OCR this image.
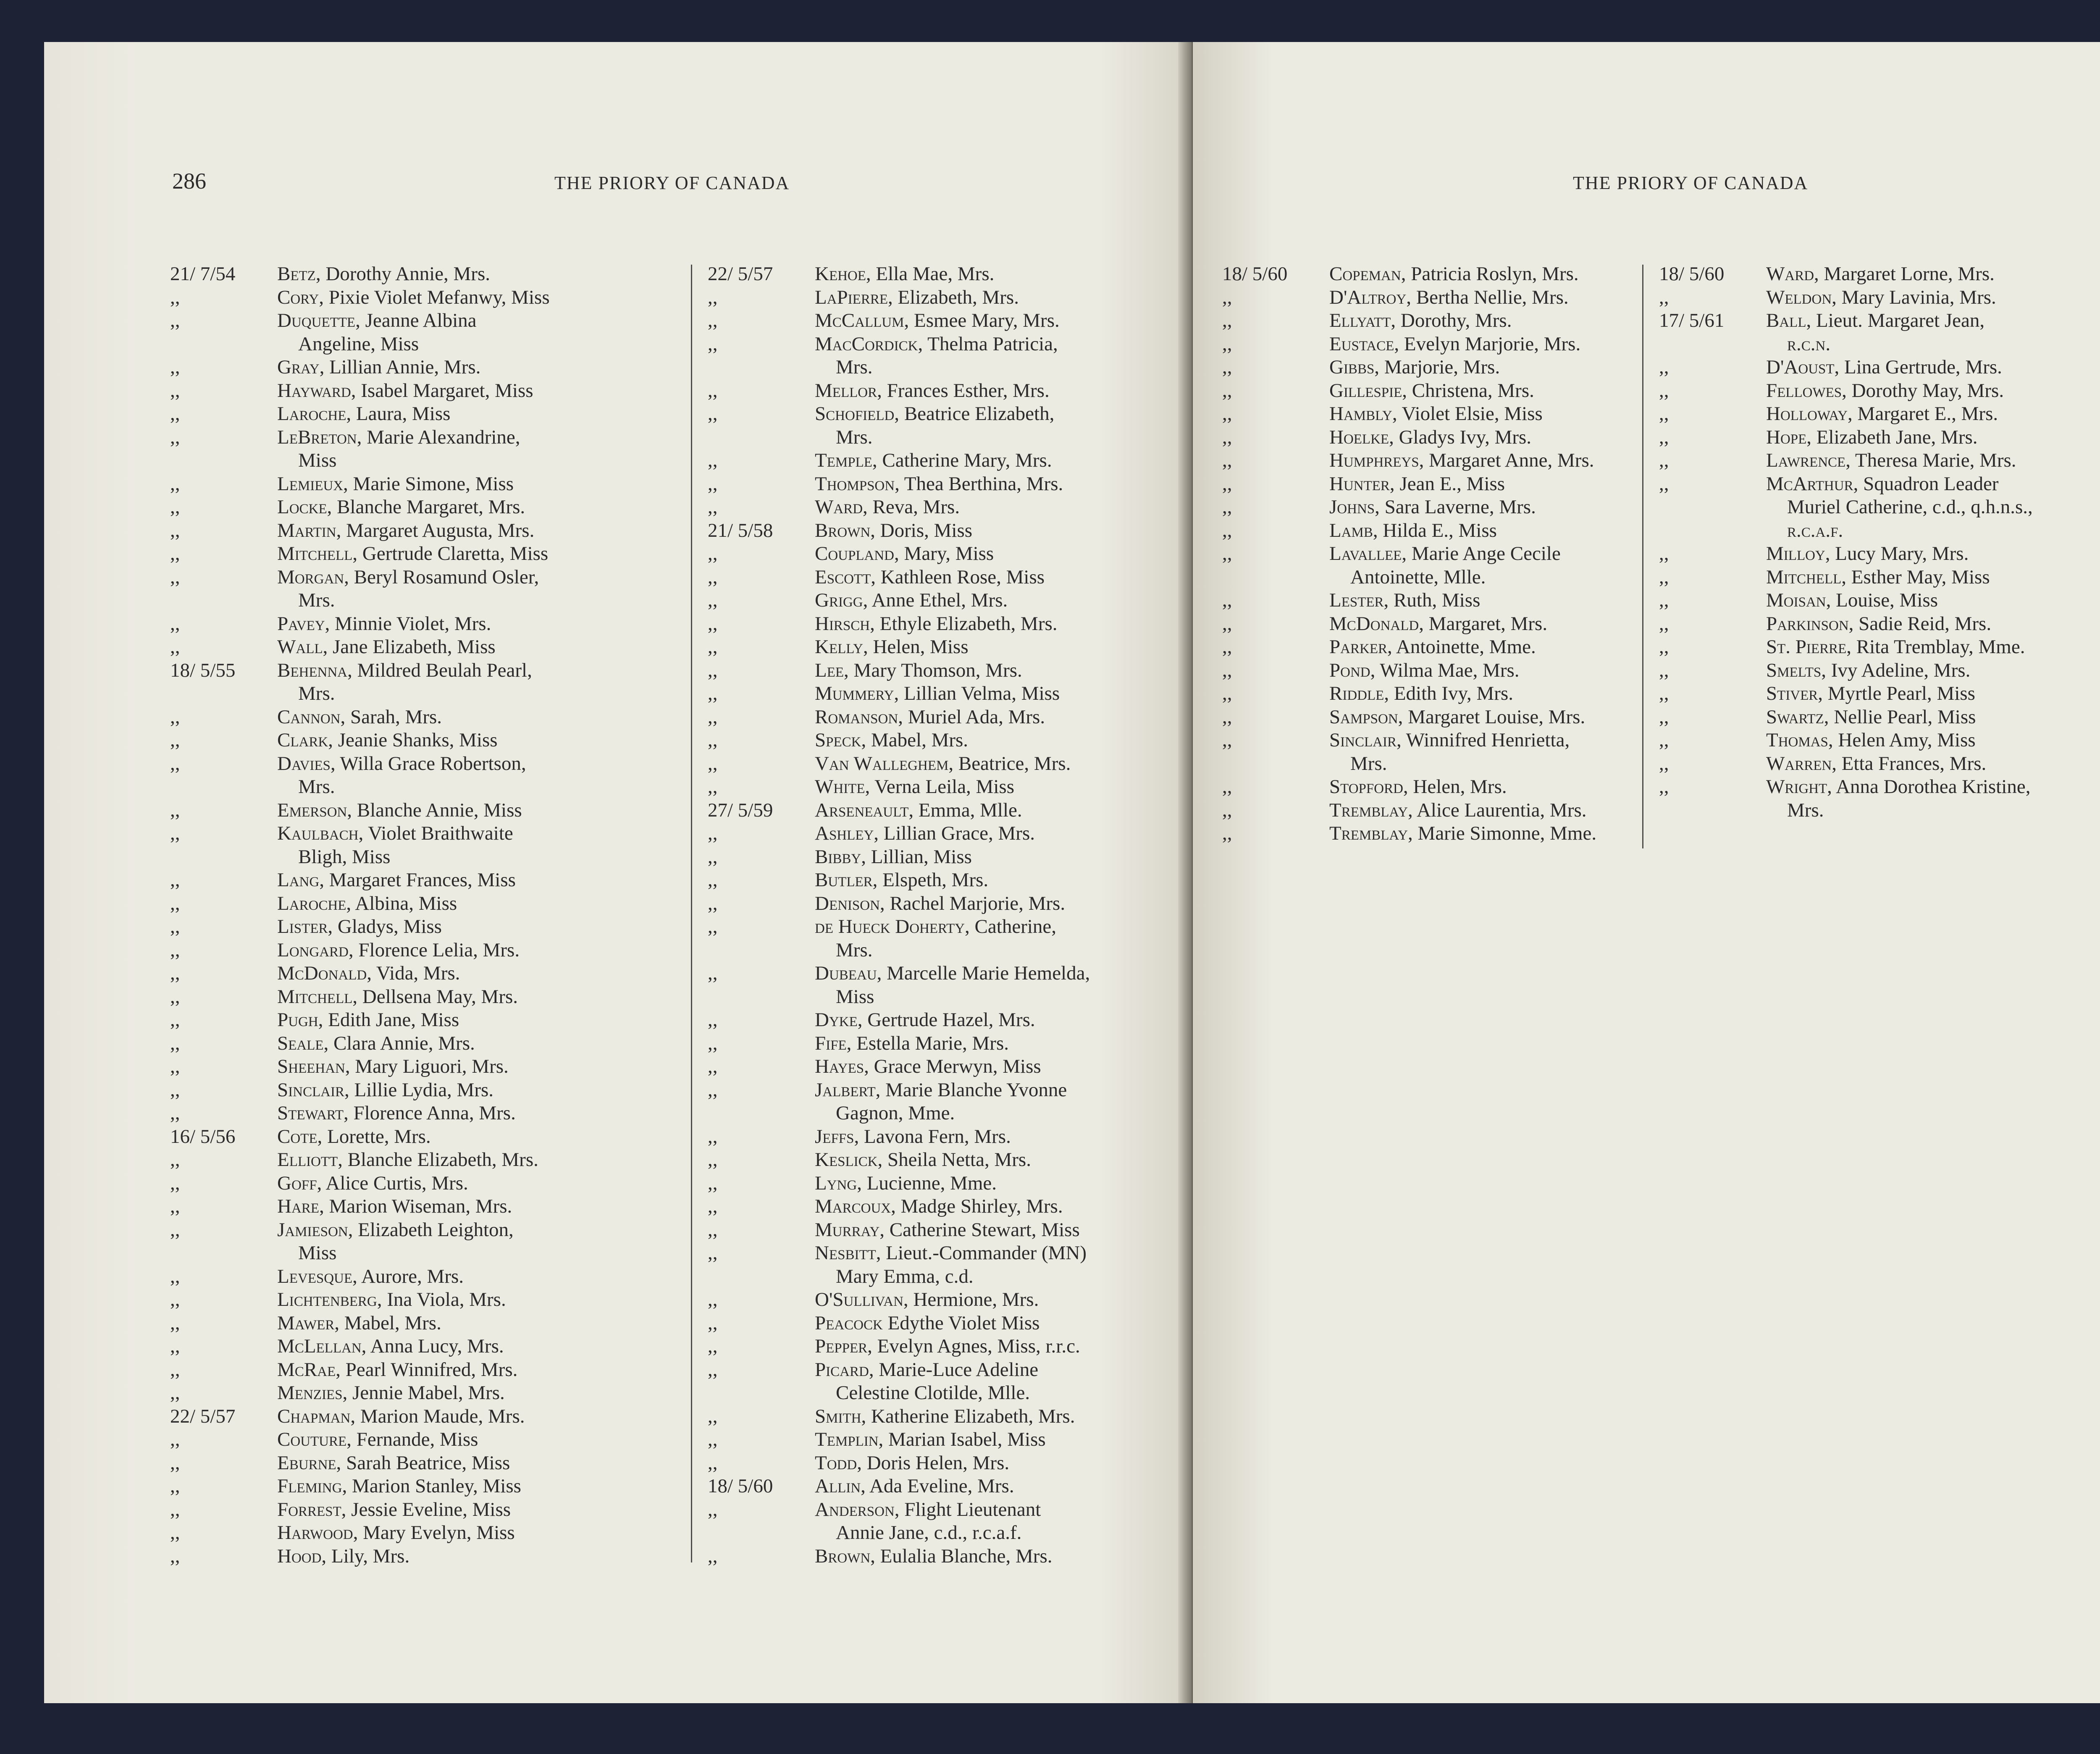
286	THE PRIORY OF CANADA
21/ 7/54	Betz, Dorothy Annie, Mrs.
,,	Cory, Pixie Violet Mefanwy, Miss
,,	Duquette, Jeanne Albina
Angeline, Miss
,,	Gray, Lillian Annie, Mrs.
,,	Hayward, Isabel Margaret, Miss
,,	Laroche, Laura, Miss
,,	LeBreton, Marie Alexandrine,
Miss
,,	Lemieux, Marie Simone, Miss
,,	Locke, Blanche Margaret, Mrs.
,,	Martin, Margaret Augusta, Mrs.
,,	Mitchell, Gertrude Claretta, Miss
,,	Morgan, Beryl Rosamund Osler,
Mrs.
,,	Pavey, Minnie Violet, Mrs.
,,	Wall, Jane Elizabeth, Miss
18/ 5/55	Behenna, Mildred Beulah Pearl,
Mrs.
,,	Cannon, Sarah, Mrs.
,,	Clark, Jeanie Shanks, Miss
,,	Davies, Willa Grace Robertson,
Mrs.
,,	Emerson, Blanche Annie, Miss
,,	Kaulbach, Violet Braithwaite
Bligh, Miss
,,	Lang, Margaret Frances, Miss
,,	Laroche, Albina, Miss
,,	Lister, Gladys, Miss
,,	Longard, Florence Lelia, Mrs.
,,	McDonald, Vida, Mrs.
,,	Mitchell, Dellsena May, Mrs.
,,	Pugh, Edith Jane, Miss
,,	Seale, Clara Annie, Mrs.
,,	Sheehan, Mary Liguori, Mrs.
,,	Sinclair, Lillie Lydia, Mrs.
,,	Stewart, Florence Anna, Mrs.
16/ 5/56	Cote, Lorette, Mrs.
,,	Elliott, Blanche Elizabeth, Mrs.
,,	Goff, Alice Curtis, Mrs.
,,	Hare, Marion Wiseman, Mrs.
,,	Jamieson, Elizabeth Leighton,
Miss
,,	Levesque, Aurore, Mrs.
,,	Lichtenberg, Ina Viola, Mrs.
,,	Mawer, Mabel, Mrs.
,,	McLellan, Anna Lucy, Mrs.
,,	McRae, Pearl Winnifred, Mrs.
,,	Menzies, Jennie Mabel, Mrs.
22/ 5/57	Chapman, Marion Maude, Mrs.
,,	Couture, Fernande, Miss
,,	Eburne, Sarah Beatrice, Miss
,,	Fleming, Marion Stanley, Miss
,,	Forrest, Jessie Eveline, Miss
,,	Harwood, Mary Evelyn, Miss
,,	Hood, Lily, Mrs.
22/ 5/57	Kehoe, Ella Mae, Mrs.
,,	LaPierre, Elizabeth, Mrs.
,,	McCallum, Esmee Mary, Mrs.
,,	MacCordick, Thelma Patricia,
Mrs.
,,	Mellor, Frances Esther, Mrs.
,,	Schofield, Beatrice Elizabeth,
Mrs.
,,	Temple, Catherine Mary, Mrs.
,,	Thompson, Thea Berthina, Mrs.
,,	Ward, Reva, Mrs.
21/ 5/58	Brown, Doris, Miss
,,	Coupland, Mary, Miss
,,	Escott, Kathleen Rose, Miss
,,	Grigg, Anne Ethel, Mrs.
,,	Hirsch, Ethyle Elizabeth, Mrs.
,,	Kelly, Helen, Miss
,,	Lee, Mary Thomson, Mrs.
,,	Mummery, Lillian Velma, Miss
,,	Romanson, Muriel Ada, Mrs.
,,	Speck, Mabel, Mrs.
,,	Van Walleghem, Beatrice, Mrs.
,,	White, Verna Leila, Miss
27/ 5/59	Arseneault, Emma, Mlle.
,,	Ashley, Lillian Grace, Mrs.
,,	Bibby, Lillian, Miss
,,	Butler, Elspeth, Mrs.
,,	Denison, Rachel Marjorie, Mrs.
,,	de Hueck Doherty, Catherine,
Mrs.
,,	Dubeau, Marcelle Marie Hemelda,
Miss
,,	Dyke, Gertrude Hazel, Mrs.
,,	Fife, Estella Marie, Mrs.
,,	Hayes, Grace Merwyn, Miss
,,	Jalbert, Marie Blanche Yvonne
Gagnon, Mme.
,,	Jeffs, Lavona Fern, Mrs.
,,	Keslick, Sheila Netta, Mrs.
,,	Lyng, Lucienne, Mme.
,,	Marcoux, Madge Shirley, Mrs.
,,	Murray, Catherine Stewart, Miss
,,	Nesbitt, Lieut.-Commander (MN)
Mary Emma, c.d.
,,	O'Sullivan, Hermione, Mrs.
,,	Peacock Edythe Violet Miss
,,	Pepper, Evelyn Agnes, Miss, r.r.c.
,,	Picard, Marie-Luce Adeline
Celestine Clotilde, Mlle.
,,	Smith, Katherine Elizabeth, Mrs.
,,	Templin, Marian Isabel, Miss
,,	Todd, Doris Helen, Mrs.
18/ 5/60	Allin, Ada Eveline, Mrs.
,,	Anderson, Flight Lieutenant
Annie Jane, c.d., r.c.a.f.
,,	Brown, Eulalia Blanche, Mrs.
THE PRIORY OF CANADA
18/ 5/60	Copeman, Patricia Roslyn, Mrs.
,,	D'Altroy, Bertha Nellie, Mrs.
,,	Ellyatt, Dorothy, Mrs.
,,	Eustace, Evelyn Marjorie, Mrs.
,,	Gibbs, Marjorie, Mrs.
,,	Gillespie, Christena, Mrs.
,,	Hambly, Violet Elsie, Miss
,,	Hoelke, Gladys Ivy, Mrs.
,,	Humphreys, Margaret Anne, Mrs.
,,	Hunter, Jean E., Miss
,,	Johns, Sara Laverne, Mrs.
,,	Lamb, Hilda E., Miss
,,	Lavallee, Marie Ange Cecile
Antoinette, Mlle.
,,	Lester, Ruth, Miss
,,	McDonald, Margaret, Mrs.
,,	Parker, Antoinette, Mme.
,,	Pond, Wilma Mae, Mrs.
,,	Riddle, Edith Ivy, Mrs.
,,	Sampson, Margaret Louise, Mrs.
,,	Sinclair, Winnifred Henrietta,
Mrs.
,,	Stopford, Helen, Mrs.
,,	Tremblay, Alice Laurentia, Mrs.
,,	Tremblay, Marie Simonne, Mme.
18/ 5/60	Ward, Margaret Lorne, Mrs.
,,	Weldon, Mary Lavinia, Mrs.
17/ 5/61	Ball, Lieut. Margaret Jean,
r.c.n.
,,	D'Aoust, Lina Gertrude, Mrs.
,,	Fellowes, Dorothy May, Mrs.
,,	Holloway, Margaret E., Mrs.
,,	Hope, Elizabeth Jane, Mrs.
,,	Lawrence, Theresa Marie, Mrs.
,,	McArthur, Squadron Leader
Muriel Catherine, c.d., q.h.n.s.,
r.c.a.f.
,,	Milloy, Lucy Mary, Mrs.
,,	Mitchell, Esther May, Miss
,,	Moisan, Louise, Miss
,,	Parkinson, Sadie Reid, Mrs.
,,	St. Pierre, Rita Tremblay, Mme.
,,	Smelts, Ivy Adeline, Mrs.
,,	Stiver, Myrtle Pearl, Miss
,,	Swartz, Nellie Pearl, Miss
,,	Thomas, Helen Amy, Miss
,,	Warren, Etta Frances, Mrs.
,,	Wright, Anna Dorothea Kristine,
Mrs.
